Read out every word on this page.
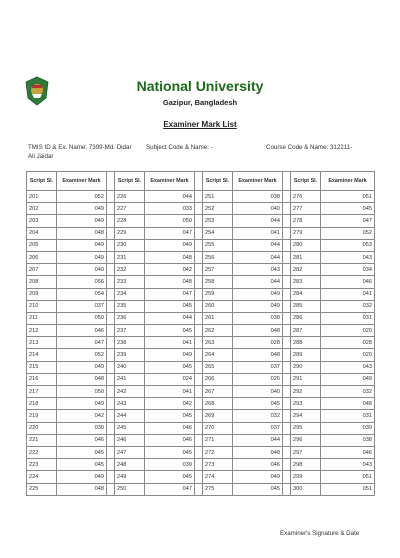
National University
Gazipur, Bangladesh
Examiner Mark List
TMIS ID & Ex. Name: 7399-Md. Didar Ali Jaidar
Subject Code & Name: -	Course Code & Name: 312211-
Script Sl.	Examiner Mark		Script Sl.	Examiner Mark		Script Sl.	Examiner Mark		Script Sl.	Examiner Mark
201	052		226	044		251	038		276	051
202	049		227	033		252	040		277	045
203	049		228	050		253	044		278	047
204	048		229	047		254	041		279	052
205	049		230	049		255	044		280	053
206	049		231	048		256	044		281	043
207	040		232	042		257	043		282	034
208	056		233	048		258	044		283	046
209	054		234	047		259	049		284	041
210	037		235	045		260	049		285	032
211	050		236	044		261	038		286	031
212	046		237	045		262	048		287	020
213	047		238	041		263	028		288	028
214	052		239	049		264	048		289	020
215	049		240	045		265	037		290	043
216	048		241	024		266	026		291	049
217	050		242	041		267	040		292	032
218	049		243	042		268	045		293	048
219	042		244	045		269	032		294	031
220	030		245	046		270	037		295	039
221	046		246	046		271	044		296	038
222	045		247	045		272	048		297	046
223	045		248	039		273	046		298	043
224	049		249	045		274	049		299	051
225	048		250	047		275	045		300	051
Examiner's Signature & Date
